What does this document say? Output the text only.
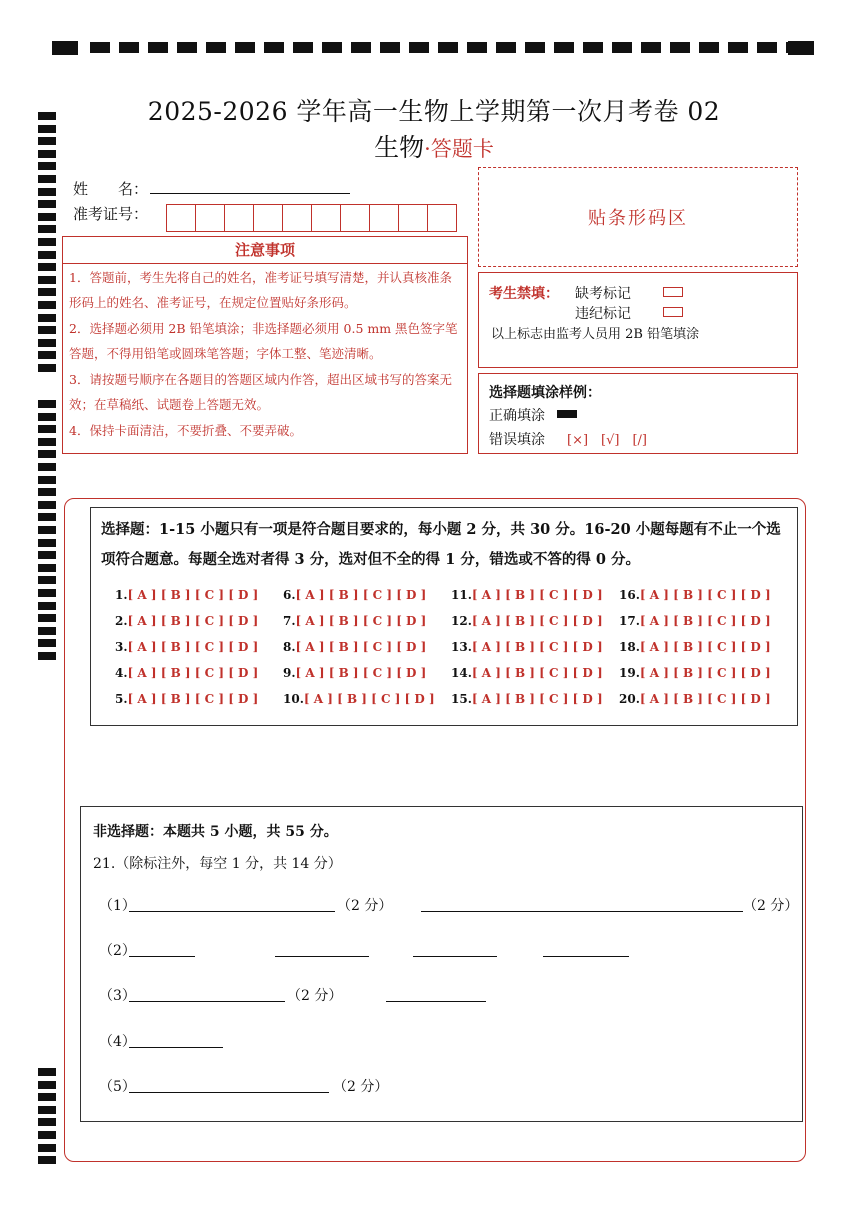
2025-2026 学年高一生物上学期第一次月考卷 02
生物·答题卡
姓　　名：
准考证号：	贴条形码区
注意事项
1．答题前，考生先将自己的姓名，准考证号填写清楚，并认真核准条形码上的姓名、准考证号，在规定位置贴好条形码。
2．选择题必须用 2B 铅笔填涂；非选择题必须用 0.5 mm 黑色签字笔答题，不得用铅笔或圆珠笔答题；字体工整、笔迹清晰。
3．请按题号顺序在各题目的答题区域内作答，超出区域书写的答案无效；在草稿纸、试题卷上答题无效。
4．保持卡面清洁，不要折叠、不要弄破。
考生禁填： 缺考标记
违纪标记
以上标志由监考人员用 2B 铅笔填涂
选择题填涂样例：
正确填涂
错误填涂 [×]　[√]　[/]
选择题：1-15 小题只有一项是符合题目要求的，每小题 2 分，共 30 分。16-20 小题每题有不止一个选项符合题意。每题全选对者得 3 分，选对但不全的得 1 分，错选或不答的得 0 分。
1.[ A ] [ B ] [ C ] [ D ]
2.[ A ] [ B ] [ C ] [ D ]
3.[ A ] [ B ] [ C ] [ D ]
4.[ A ] [ B ] [ C ] [ D ]
5.[ A ] [ B ] [ C ] [ D ]
6.[ A ] [ B ] [ C ] [ D ]
7.[ A ] [ B ] [ C ] [ D ]
8.[ A ] [ B ] [ C ] [ D ]
9.[ A ] [ B ] [ C ] [ D ]
10.[ A ] [ B ] [ C ] [ D ]
11.[ A ] [ B ] [ C ] [ D ]
12.[ A ] [ B ] [ C ] [ D ]
13.[ A ] [ B ] [ C ] [ D ]
14.[ A ] [ B ] [ C ] [ D ]
15.[ A ] [ B ] [ C ] [ D ]
16.[ A ] [ B ] [ C ] [ D ]
17.[ A ] [ B ] [ C ] [ D ]
18.[ A ] [ B ] [ C ] [ D ]
19.[ A ] [ B ] [ C ] [ D ]
20.[ A ] [ B ] [ C ] [ D ]
非选择题：本题共 5 小题，共 55 分。
21.（除标注外，每空 1 分，共 14 分）
（1）	（2 分）	（2 分）
（2）
（3）	（2 分）
（4）
（5）	（2 分）
